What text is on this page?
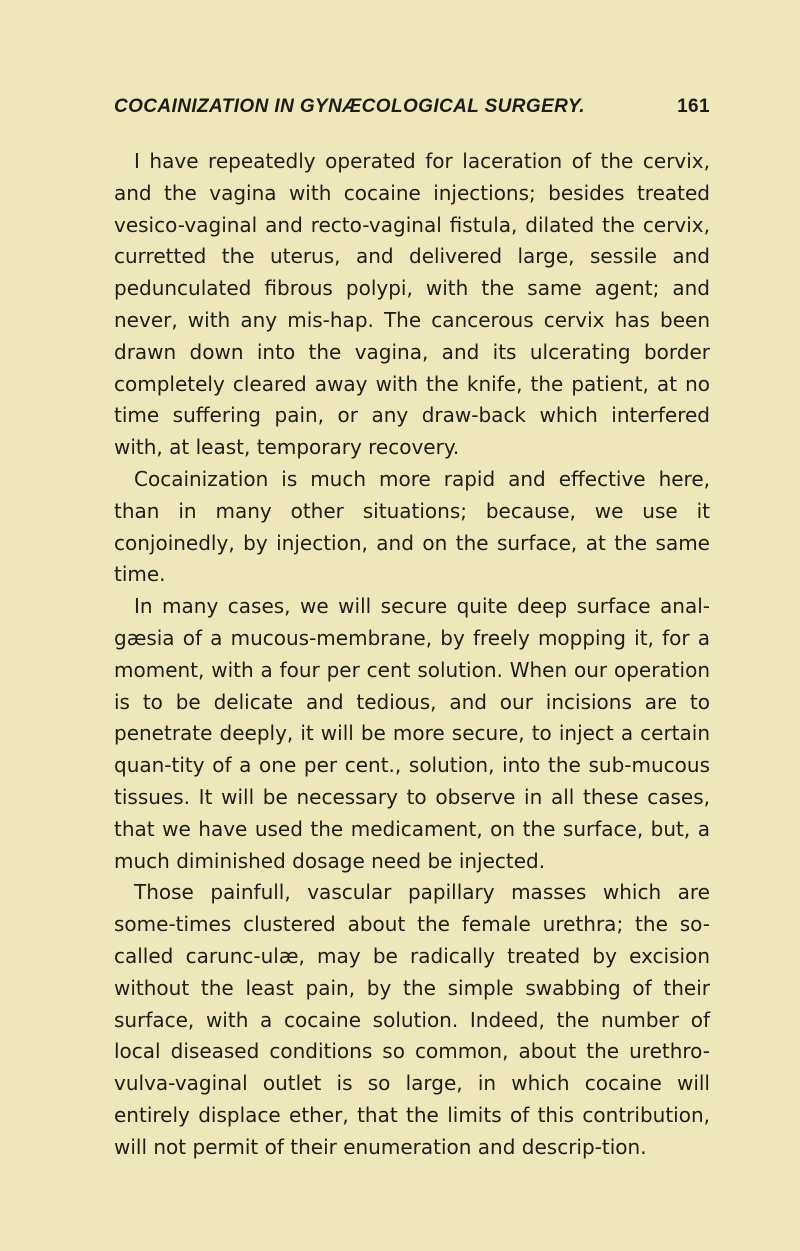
COCAINIZATION IN GYNÆCOLOGICAL SURGERY.	161

I have repeatedly operated for laceration of the cervix, and the vagina with cocaine injections; besides treated vesico-vaginal and recto-vaginal fistula, dilated the cervix, curretted the uterus, and delivered large, sessile and pedunculated fibrous polypi, with the same agent; and never, with any mis-hap. The cancerous cervix has been drawn down into the vagina, and its ulcerating border completely cleared away with the knife, the patient, at no time suffering pain, or any draw-back which interfered with, at least, temporary recovery.

Cocainization is much more rapid and effective here, than in many other situations; because, we use it conjoinedly, by injection, and on the surface, at the same time.

In many cases, we will secure quite deep surface anal-gæsia of a mucous-membrane, by freely mopping it, for a moment, with a four per cent solution. When our operation is to be delicate and tedious, and our incisions are to penetrate deeply, it will be more secure, to inject a certain quan-tity of a one per cent., solution, into the sub-mucous tissues. It will be necessary to observe in all these cases, that we have used the medicament, on the surface, but, a much diminished dosage need be injected.

Those painfull, vascular papillary masses which are some-times clustered about the female urethra; the so-called carunc-ulæ, may be radically treated by excision without the least pain, by the simple swabbing of their surface, with a cocaine solution. Indeed, the number of local diseased conditions so common, about the urethro-vulva-vaginal outlet is so large, in which cocaine will entirely displace ether, that the limits of this contribution, will not permit of their enumeration and descrip-tion.
